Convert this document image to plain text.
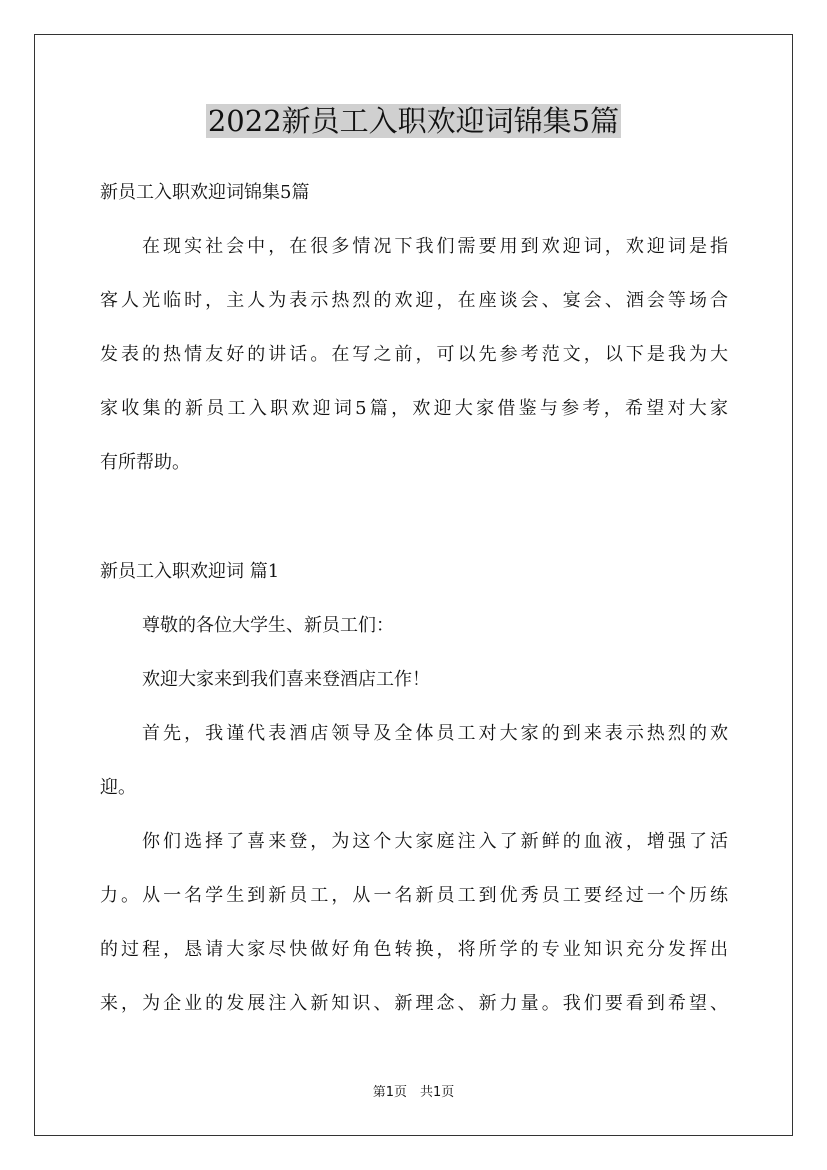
2022新员工入职欢迎词锦集5篇
新员工入职欢迎词锦集5篇
在现实社会中，在很多情况下我们需要用到欢迎词，欢迎词是指
客人光临时，主人为表示热烈的欢迎，在座谈会、宴会、酒会等场合
发表的热情友好的讲话。在写之前，可以先参考范文，以下是我为大
家收集的新员工入职欢迎词5篇，欢迎大家借鉴与参考，希望对大家
有所帮助。
新员工入职欢迎词 篇1
尊敬的各位大学生、新员工们：
欢迎大家来到我们喜来登酒店工作！
首先，我谨代表酒店领导及全体员工对大家的到来表示热烈的欢
迎。
你们选择了喜来登，为这个大家庭注入了新鲜的血液，增强了活
力。从一名学生到新员工，从一名新员工到优秀员工要经过一个历练
的过程，恳请大家尽快做好角色转换，将所学的专业知识充分发挥出
来，为企业的发展注入新知识、新理念、新力量。我们要看到希望、
第1页　共1页
